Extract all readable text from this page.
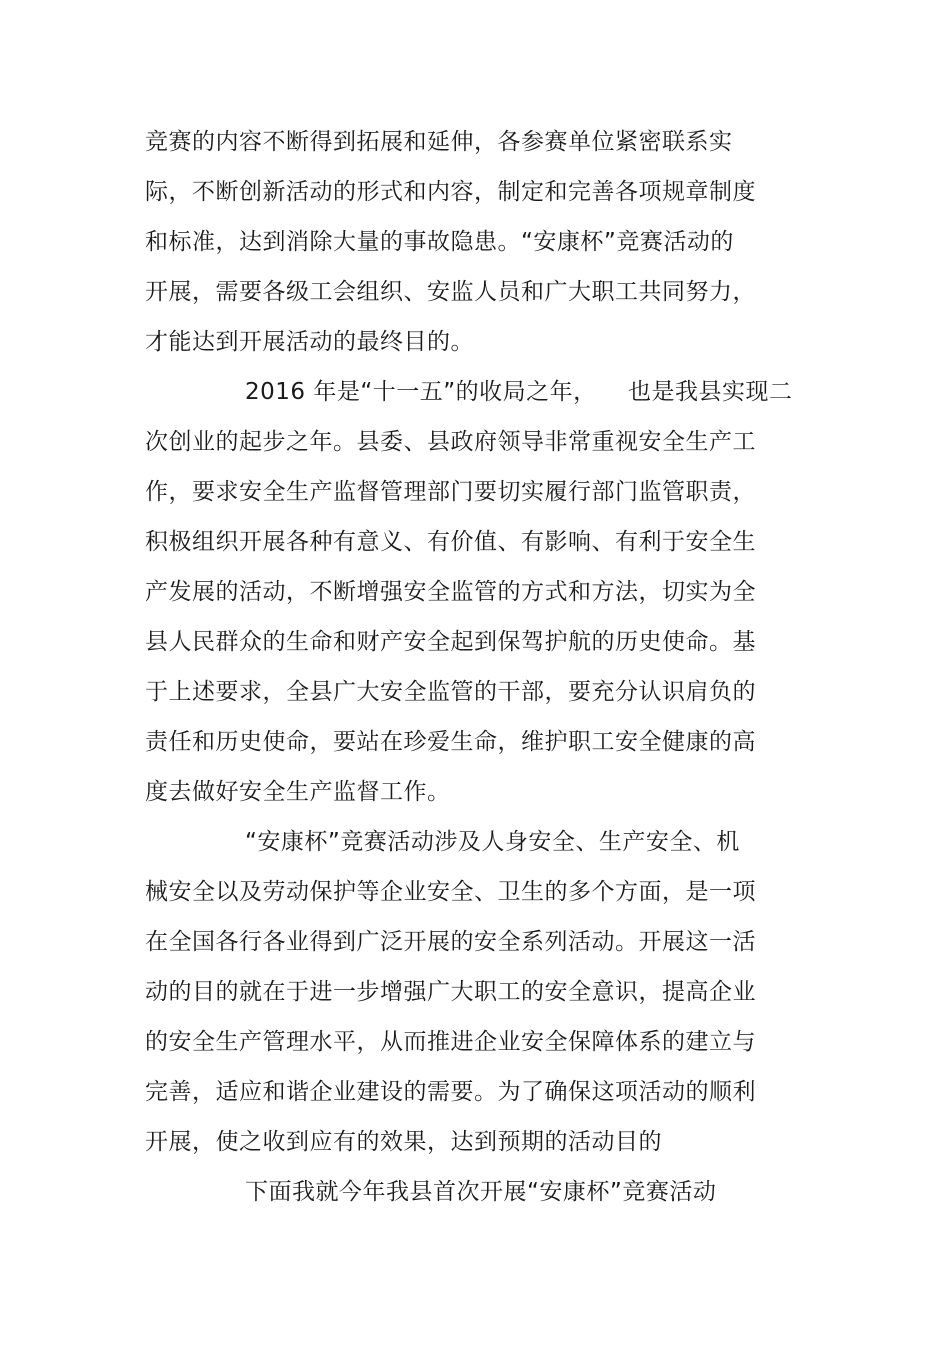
竞赛的内容不断得到拓展和延伸，各参赛单位紧密联系实
际，不断创新活动的形式和内容，制定和完善各项规章制度
和标准，达到消除大量的事故隐患。“安康杯”竞赛活动的
开展，需要各级工会组织、安监人员和广大职工共同努力，
才能达到开展活动的最终目的。
2016 年是“十一五”的收局之年， 也是我县实现二
次创业的起步之年。县委、县政府领导非常重视安全生产工
作，要求安全生产监督管理部门要切实履行部门监管职责，
积极组织开展各种有意义、有价值、有影响、有利于安全生
产发展的活动，不断增强安全监管的方式和方法，切实为全
县人民群众的生命和财产安全起到保驾护航的历史使命。基
于上述要求，全县广大安全监管的干部，要充分认识肩负的
责任和历史使命，要站在珍爱生命，维护职工安全健康的高
度去做好安全生产监督工作。
“安康杯”竞赛活动涉及人身安全、生产安全、机
械安全以及劳动保护等企业安全、卫生的多个方面，是一项
在全国各行各业得到广泛开展的安全系列活动。开展这一活
动的目的就在于进一步增强广大职工的安全意识，提高企业
的安全生产管理水平，从而推进企业安全保障体系的建立与
完善，适应和谐企业建设的需要。为了确保这项活动的顺利
开展，使之收到应有的效果，达到预期的活动目的
下面我就今年我县首次开展“安康杯”竞赛活动
